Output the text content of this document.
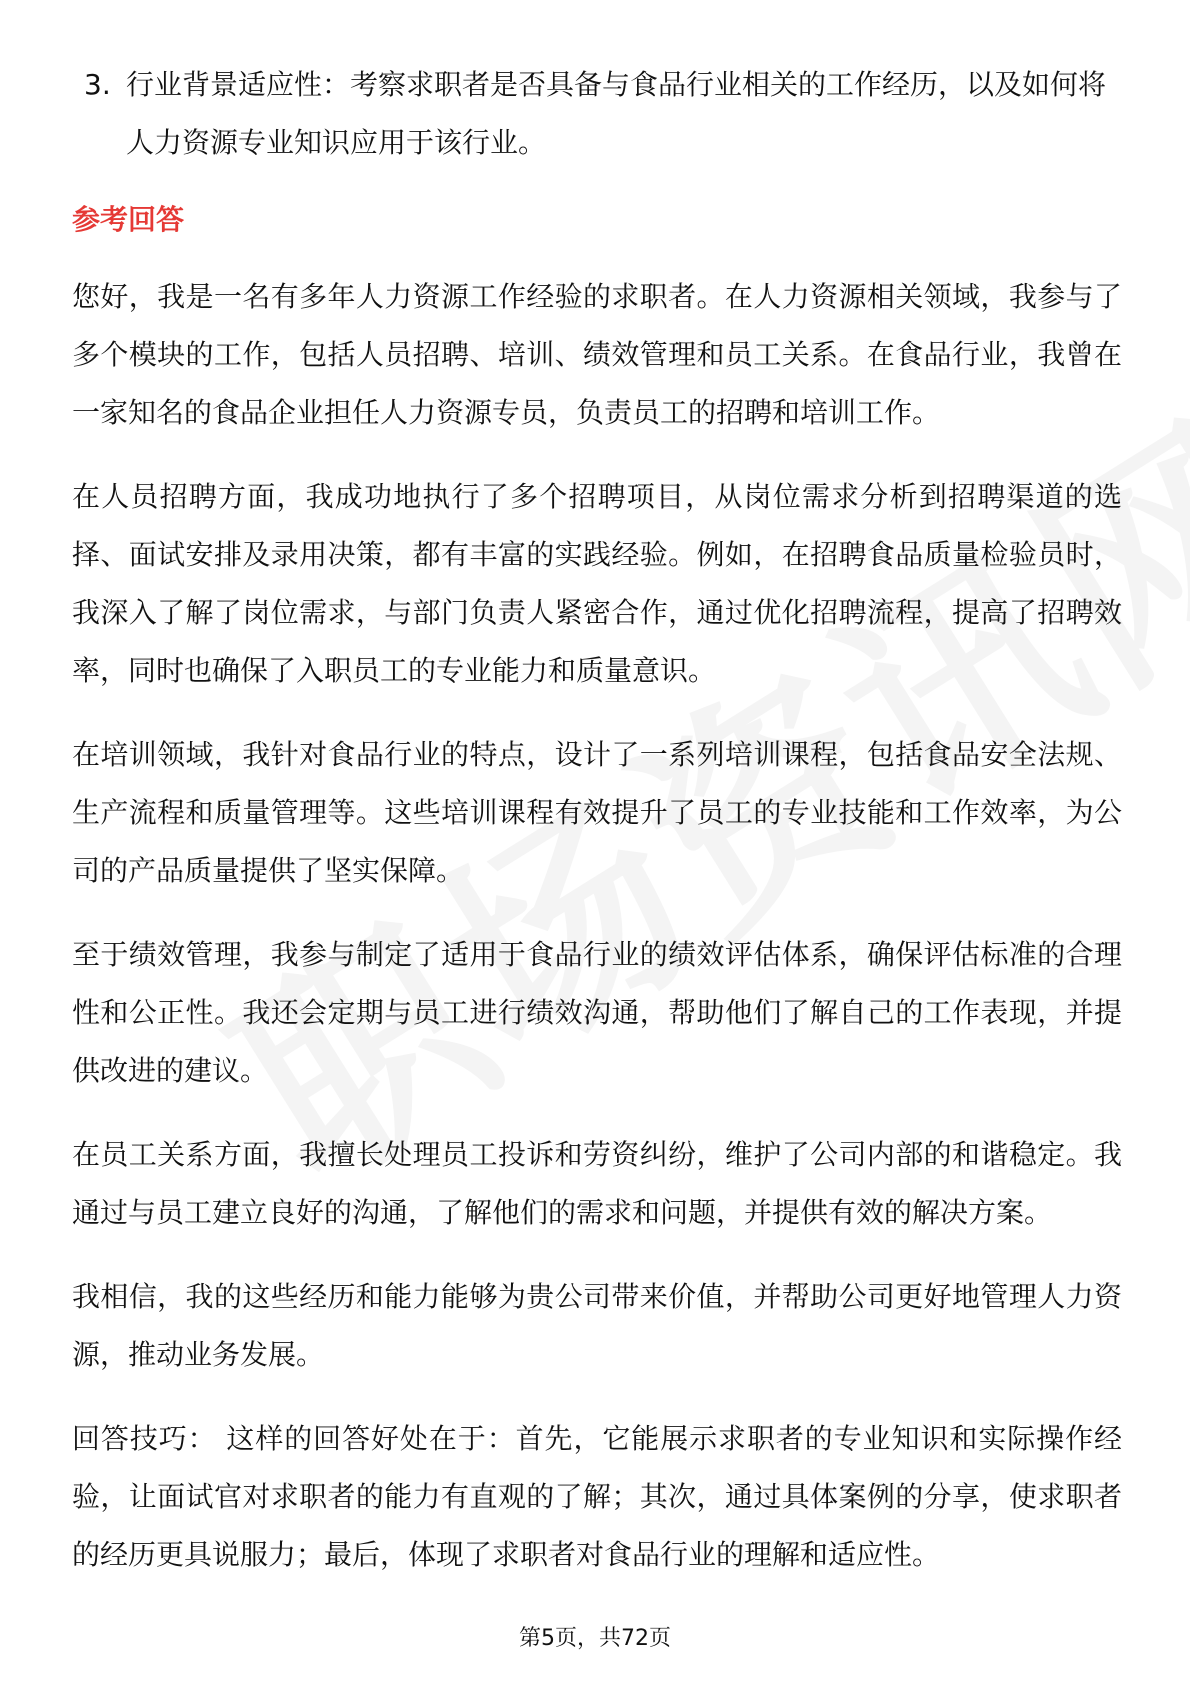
3. 行业背景适应性：考察求职者是否具备与食品行业相关的工作经历，以及如何将人力资源专业知识应用于该行业。
参考回答

您好，我是一名有多年人力资源工作经验的求职者。在人力资源相关领域，我参与了多个模块的工作，包括人员招聘、培训、绩效管理和员工关系。在食品行业，我曾在一家知名的食品企业担任人力资源专员，负责员工的招聘和培训工作。

在人员招聘方面，我成功地执行了多个招聘项目，从岗位需求分析到招聘渠道的选择、面试安排及录用决策，都有丰富的实践经验。例如，在招聘食品质量检验员时，我深入了解了岗位需求，与部门负责人紧密合作，通过优化招聘流程，提高了招聘效率，同时也确保了入职员工的专业能力和质量意识。

在培训领域，我针对食品行业的特点，设计了一系列培训课程，包括食品安全法规、生产流程和质量管理等。这些培训课程有效提升了员工的专业技能和工作效率，为公司的产品质量提供了坚实保障。

至于绩效管理，我参与制定了适用于食品行业的绩效评估体系，确保评估标准的合理性和公正性。我还会定期与员工进行绩效沟通，帮助他们了解自己的工作表现，并提供改进的建议。

在员工关系方面，我擅长处理员工投诉和劳资纠纷，维护了公司内部的和谐稳定。我通过与员工建立良好的沟通，了解他们的需求和问题，并提供有效的解决方案。

我相信，我的这些经历和能力能够为贵公司带来价值，并帮助公司更好地管理人力资源，推动业务发展。

回答技巧： 这样的回答好处在于：首先，它能展示求职者的专业知识和实际操作经验，让面试官对求职者的能力有直观的了解；其次，通过具体案例的分享，使求职者的经历更具说服力；最后，体现了求职者对食品行业的理解和适应性。

第5页，共72页
